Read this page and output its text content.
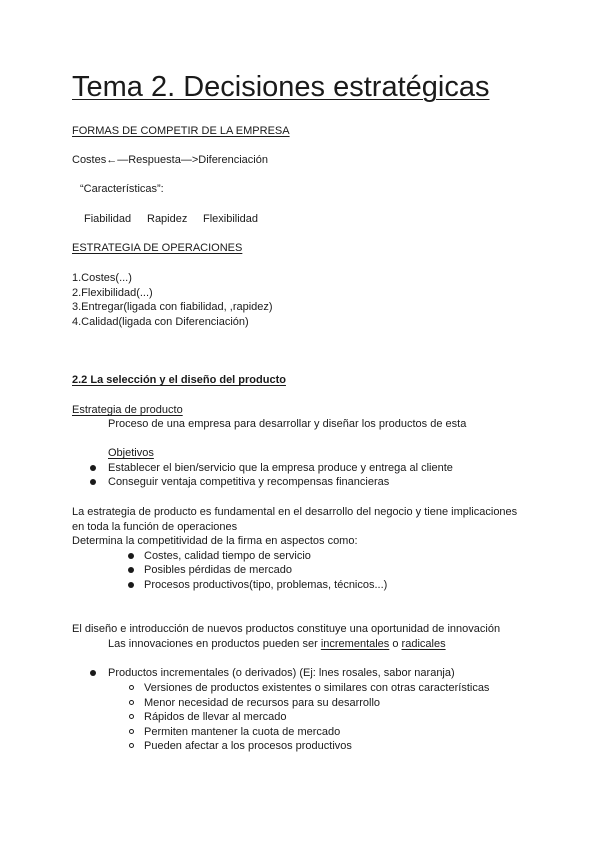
Tema 2. Decisiones estratégicas
FORMAS DE COMPETIR DE LA EMPRESA
Costes←—Respuesta—>Diferenciación
“Características”:
Fiabilidad Rapidez Flexibilidad
ESTRATEGIA DE OPERACIONES
1.Costes(...)
2.Flexibilidad(...)
3.Entregar(ligada con fiabilidad, ,rapidez)
4.Calidad(ligada con Diferenciación)
2.2 La selección y el diseño del producto
Estrategia de producto
Proceso de una empresa para desarrollar y diseñar los productos de esta
Objetivos
Establecer el bien/servicio que la empresa produce y entrega al cliente
Conseguir ventaja competitiva y recompensas financieras
La estrategia de producto es fundamental en el desarrollo del negocio y tiene implicaciones
en toda la función de operaciones
Determina la competitividad de la firma en aspectos como:
Costes, calidad tiempo de servicio
Posibles pérdidas de mercado
Procesos productivos(tipo, problemas, técnicos...)
El diseño e introducción de nuevos productos constituye una oportunidad de innovación
Las innovaciones en productos pueden ser incrementales o radicales
Productos incrementales (o derivados) (Ej: lnes rosales, sabor naranja)
Versiones de productos existentes o similares con otras características
Menor necesidad de recursos para su desarrollo
Rápidos de llevar al mercado
Permiten mantener la cuota de mercado
Pueden afectar a los procesos productivos
